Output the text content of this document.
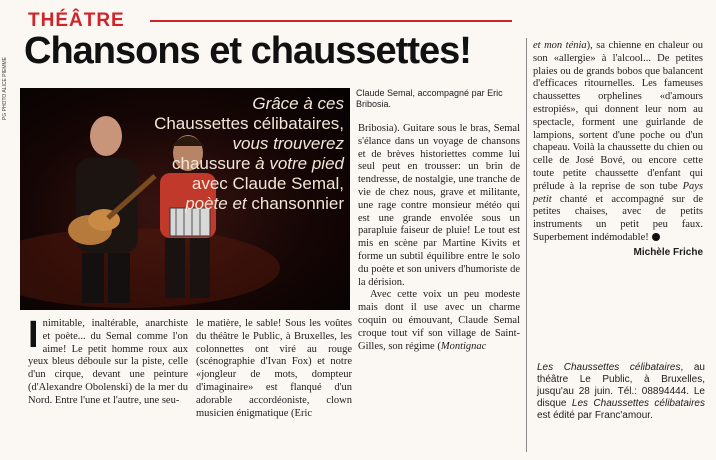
THÉÂTRE
Chansons et chaussettes!
Grâce à ces Chaussettes célibataires, vous trouverez chaussure à votre pied avec Claude Semal, poète et chansonnier
PG PHOTO ALICE PIEMME	Claude Semal, accompagné par Eric Bribosia.
I nimitable, inaltérable, anarchiste et poète... du Semal comme l'on aime! Le petit homme roux aux yeux bleus déboule sur la piste, celle d'un cirque, devant une peinture (d'Alexandre Obolenski) de la mer du Nord. Entre l'une et l'autre, une seu-

le matière, le sable! Sous les voûtes du théâtre le Public, à Bruxelles, les colonnettes ont viré au rouge (scénographie d'Ivan Fox) et notre «jongleur de mots, dompteur d'imaginaire» est flanqué d'un adorable accordéoniste, clown musicien énigmatique (Eric

Bribosia). Guitare sous le bras, Semal s'élance dans un voyage de chansons et de brèves historiettes comme lui seul peut en trousser: un brin de tendresse, de nostalgie, une tranche de vie de chez nous, grave et militante, une rage contre monsieur météo qui est une grande envolée sous un parapluie faiseur de pluie! Le tout est mis en scène par Martine Kivits et forme un subtil équilibre entre le solo du poète et son univers d'humoriste de la dérision.

Avec cette voix un peu modeste mais dont il use avec un charme coquin ou émouvant, Claude Semal croque tout vif son village de Saint-Gilles, son régime (Montignac

et mon ténia), sa chienne en chaleur ou son «allergie» à l'alcool... De petites plaies ou de grands bobos que balancent d'efficaces ritournelles. Les fameuses chaussettes orphelines «d'amours estropiés», qui donnent leur nom au spectacle, forment une guirlande de lampions, sortent d'une poche ou d'un chapeau. Voilà la chaussette du chien ou celle de José Bové, ou encore cette toute petite chaussette d'enfant qui prélude à la reprise de son tube Pays petit chanté et accompagné sur de petites chaises, avec de petits instruments un petit peu faux. Superbement indémodable!

Michèle Friche
Les Chaussettes célibataires, au théâtre Le Public, à Bruxelles, jusqu'au 28 juin. Tél.: 08894444. Le disque Les Chaussettes célibataires est édité par Franc'amour.
